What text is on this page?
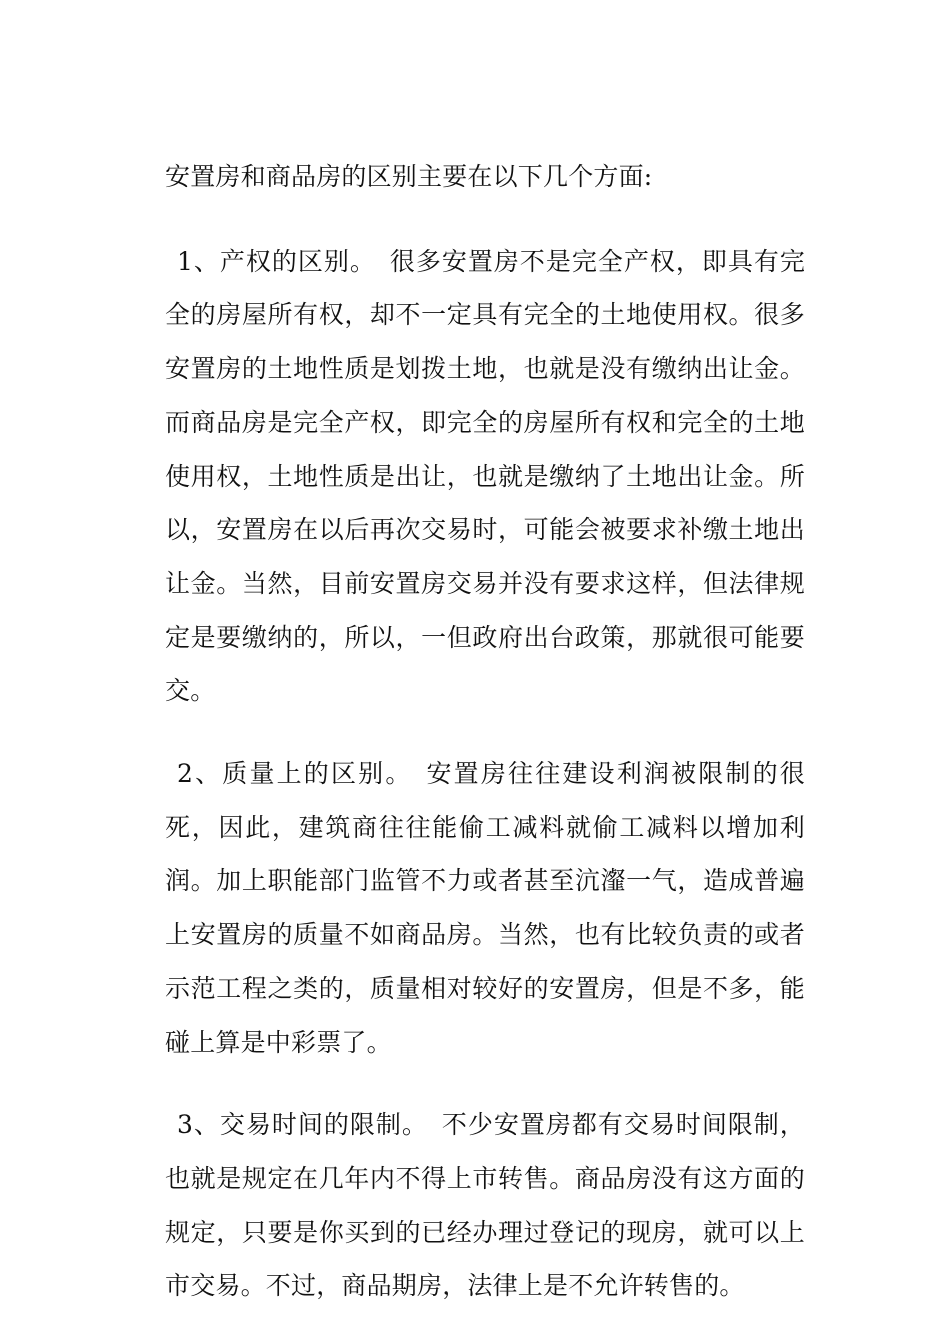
安置房和商品房的区别主要在以下几个方面:

1、产权的区别。 很多安置房不是完全产权，即具有完全的房屋所有权，却不一定具有完全的土地使用权。很多安置房的土地性质是划拨土地，也就是没有缴纳出让金。而商品房是完全产权，即完全的房屋所有权和完全的土地使用权，土地性质是出让，也就是缴纳了土地出让金。所以，安置房在以后再次交易时，可能会被要求补缴土地出让金。当然，目前安置房交易并没有要求这样，但法律规定是要缴纳的，所以，一但政府出台政策，那就很可能要交。
2、质量上的区别。 安置房往往建设利润被限制的很死，因此，建筑商往往能偷工减料就偷工减料以增加利润。加上职能部门监管不力或者甚至沆瀣一气，造成普遍上安置房的质量不如商品房。当然，也有比较负责的或者示范工程之类的，质量相对较好的安置房，但是不多，能碰上算是中彩票了。
3、交易时间的限制。 不少安置房都有交易时间限制，也就是规定在几年内不得上市转售。商品房没有这方面的规定，只要是你买到的已经办理过登记的现房，就可以上市交易。不过，商品期房，法律上是不允许转售的。
